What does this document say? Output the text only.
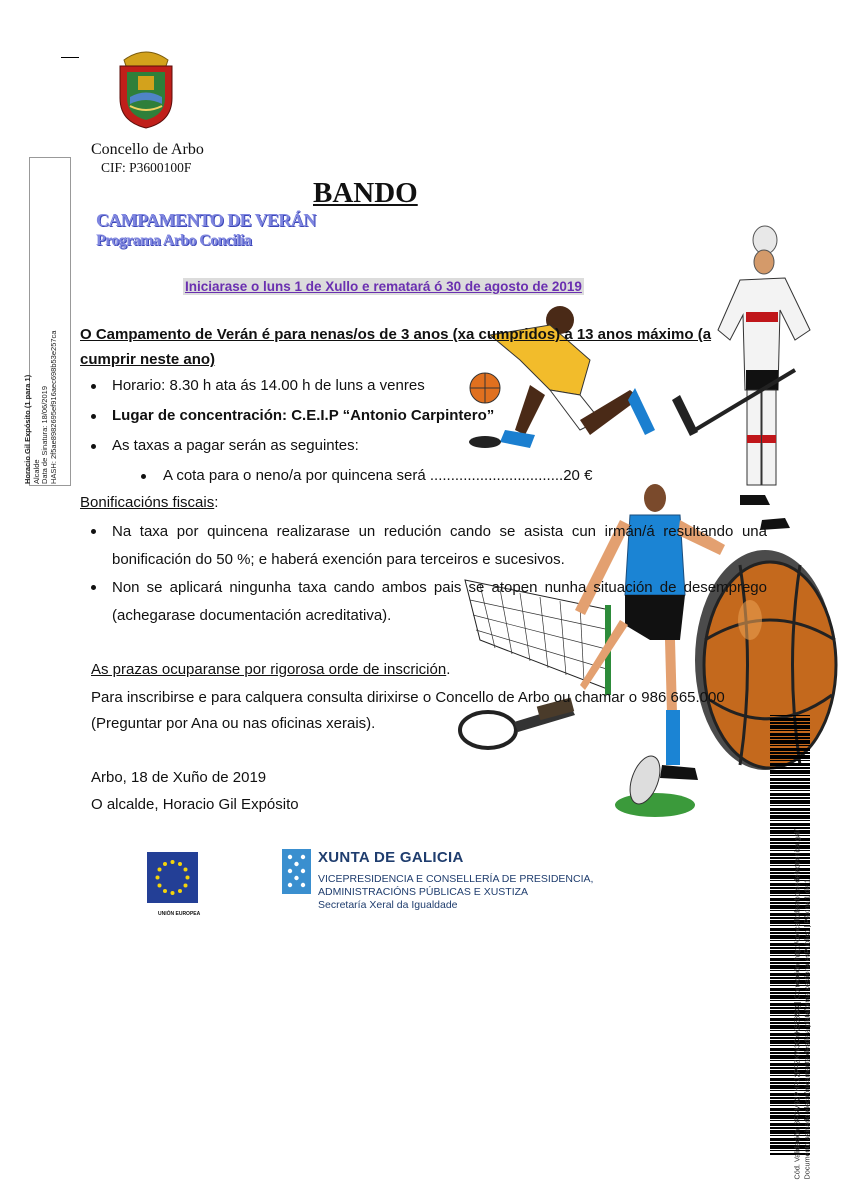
Concello de Arbo
CIF: P3600100F
BANDO
CAMPAMENTO DE VERÁN
Programa Arbo Concilia
Horacio Gil Expósito (1 para 1) Alcalde Data de Sinatura: 18/06/2019 HASH: 2f5ae8982695ef916aec698b53e257ca
Iniciarase o luns 1 de Xullo e rematará ó 30 de agosto de 2019
O Campamento de Verán é para nenas/os de 3 anos (xa cumpridos) a 13 anos máximo (a cumprir neste ano)
Horario: 8.30 h ata ás 14.00 h de luns a venres
Lugar de concentración: C.E.I.P “Antonio Carpintero”
As taxas a pagar serán as seguintes:
A cota para o neno/a por quincena será ................................20 €
Bonificacións fiscais:
Na taxa por quincena realizarase un redución cando se asista cun irmán/á resultando una bonificación do 50 %; e haberá exención para terceiros e sucesivos.
Non se aplicará ningunha taxa cando ambos pais se atopen nunha situación de desemprego (achegarase documentación acreditativa).
As prazas ocuparanse por rigorosa orde de inscrición.
Para inscribirse e para calquera consulta dirixirse o Concello de Arbo ou chamar o 986 665.000
(Preguntar por Ana ou nas oficinas xerais).
Arbo, 18 de Xuño de 2019
O alcalde, Horacio Gil Expósito
UNIÓN EUROPEA
XUNTA DE GALICIA
VICEPRESIDENCIA E CONSELLERÍA DE PRESIDENCIA,
ADMINISTRACIÓNS PÚBLICAS E XUSTIZA
Secretaría Xeral da Igualdade	Cód. Validación: 3FGM92PHRJ2PFZKW3CYKS53SQ | Corrección: http://concellodearbo.sedelectronica.gal/ Documento asinado electrónicamente desde a plataforma xestiona esPublico | Páxina 1 de 1
